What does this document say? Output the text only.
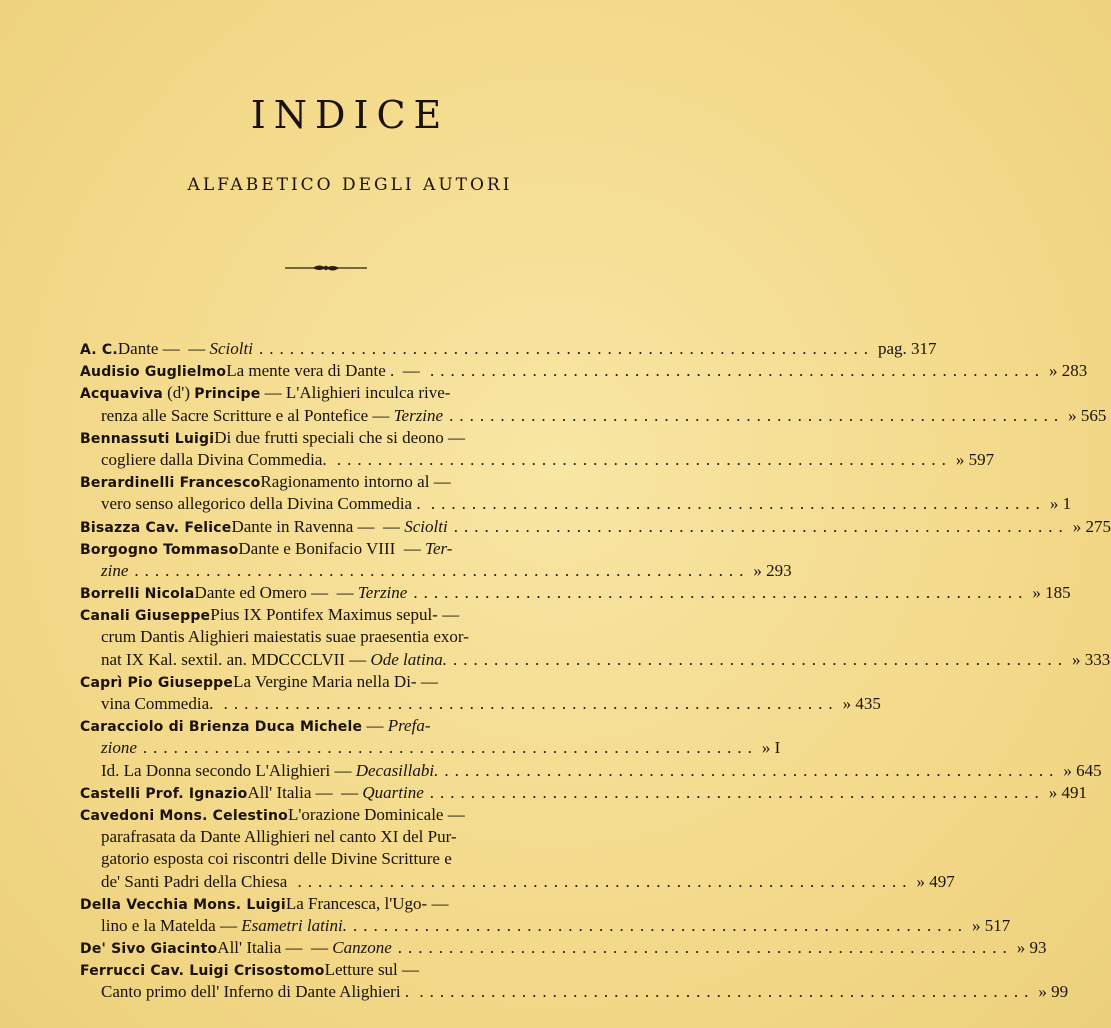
INDICE
ALFABETICO DEGLI AUTORI
A. C. Dante — — Sciolti ............................................................ pag. 317
Audisio Guglielmo La mente vera di Dante . — ............................................................ » 283
Acquaviva (d') Principe — L'Alighieri inculca rive-
renza alle Sacre Scritture e al Pontefice — Terzine ............................................................ » 565
Bennassuti Luigi Di due frutti speciali che si deono —
cogliere dalla Divina Commedia. ............................................................ » 597
Berardinelli Francesco Ragionamento intorno al —
vero senso allegorico della Divina Commedia . ............................................................ » 1
Bisazza Cav. Felice Dante in Ravenna — — Sciolti ............................................................ » 275
Borgogno Tommaso Dante e Bonifacio VIII — Ter-
zine ............................................................ » 293
Borrelli Nicola Dante ed Omero — — Terzine ............................................................ » 185
Canali Giuseppe Pius IX Pontifex Maximus sepul- —
crum Dantis Alighieri maiestatis suae praesentia exor-
nat IX Kal. sextil. an. MDCCCLVII — Ode latina. ............................................................ » 333
Caprì Pio Giuseppe La Vergine Maria nella Di- —
vina Commedia. ............................................................ » 435
Caracciolo di Brienza Duca Michele — Prefa-
zione ............................................................ » I
Id. La Donna secondo L'Alighieri — Decasillabi. ............................................................ » 645
Castelli Prof. Ignazio All' Italia — — Quartine ............................................................ » 491
Cavedoni Mons. Celestino L'orazione Dominicale —
parafrasata da Dante Allighieri nel canto XI del Pur-
gatorio esposta coi riscontri delle Divine Scritture e
de' Santi Padri della Chiesa ............................................................ » 497
Della Vecchia Mons. Luigi La Francesca, l'Ugo- —
lino e la Matelda — Esametri latini. ............................................................ » 517
De' Sivo Giacinto All' Italia — — Canzone ............................................................ » 93
Ferrucci Cav. Luigi Crisostomo Letture sul —
Canto primo dell' Inferno di Dante Alighieri . ............................................................ » 99
